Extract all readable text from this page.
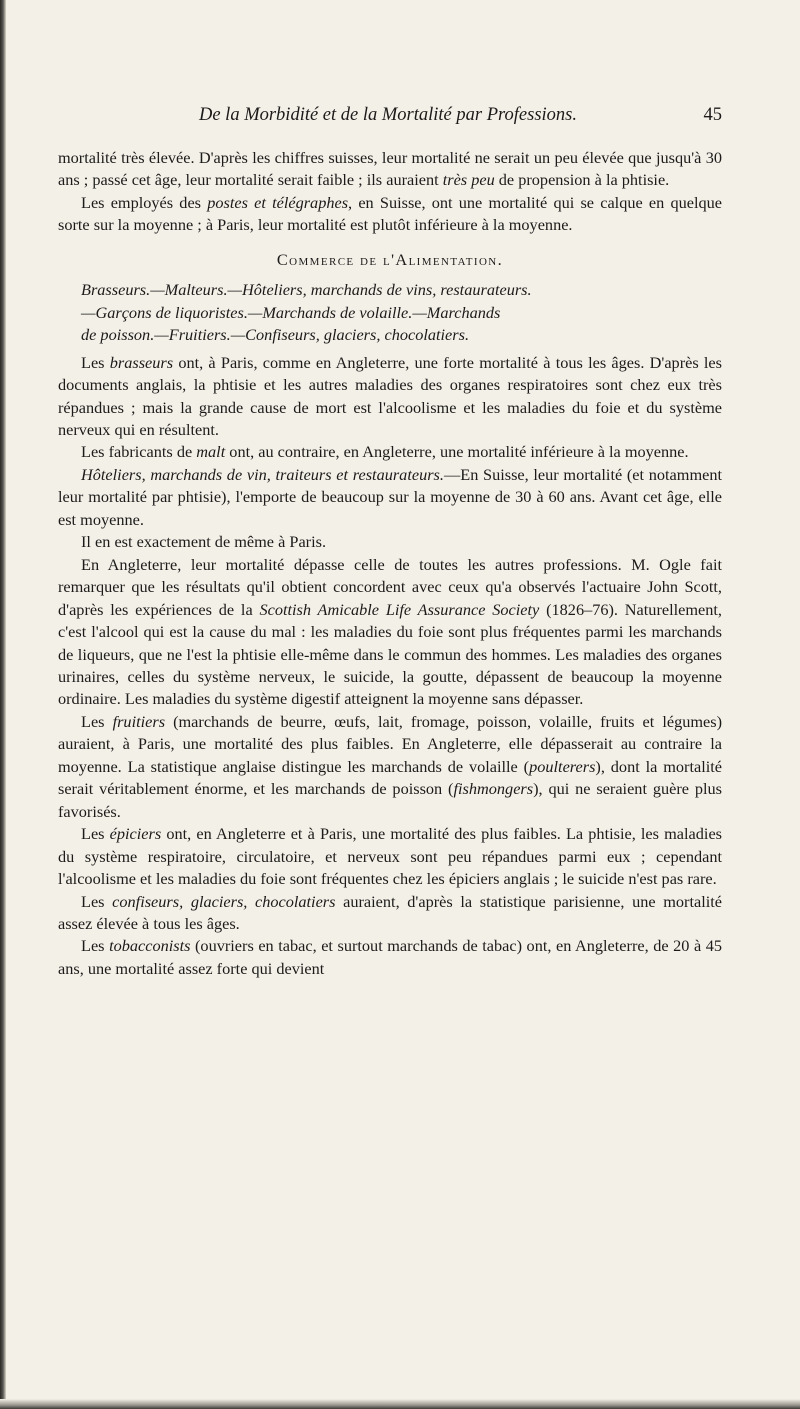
De la Morbidité et de la Mortalité par Professions.	45

mortalité très élevée. D'après les chiffres suisses, leur mortalité ne serait un peu élevée que jusqu'à 30 ans ; passé cet âge, leur mortalité serait faible ; ils auraient très peu de propension à la phtisie.

Les employés des postes et télégraphes, en Suisse, ont une mortalité qui se calque en quelque sorte sur la moyenne ; à Paris, leur mortalité est plutôt inférieure à la moyenne.

Commerce de l'Alimentation.

Brasseurs.—Malteurs.—Hôteliers, marchands de vins, restaurateurs.
—Garçons de liquoristes.—Marchands de volaille.—Marchands
de poisson.—Fruitiers.—Confiseurs, glaciers, chocolatiers.

Les brasseurs ont, à Paris, comme en Angleterre, une forte mortalité à tous les âges. D'après les documents anglais, la phtisie et les autres maladies des organes respiratoires sont chez eux très répandues ; mais la grande cause de mort est l'alcoolisme et les maladies du foie et du système nerveux qui en résultent.

Les fabricants de malt ont, au contraire, en Angleterre, une mortalité inférieure à la moyenne.

Hôteliers, marchands de vin, traiteurs et restaurateurs.—En Suisse, leur mortalité (et notamment leur mortalité par phtisie), l'emporte de beaucoup sur la moyenne de 30 à 60 ans. Avant cet âge, elle est moyenne.

Il en est exactement de même à Paris.

En Angleterre, leur mortalité dépasse celle de toutes les autres professions. M. Ogle fait remarquer que les résultats qu'il obtient concordent avec ceux qu'a observés l'actuaire John Scott, d'après les expériences de la Scottish Amicable Life Assurance Society (1826–76). Naturellement, c'est l'alcool qui est la cause du mal : les maladies du foie sont plus fréquentes parmi les marchands de liqueurs, que ne l'est la phtisie elle-même dans le commun des hommes. Les maladies des organes urinaires, celles du système nerveux, le suicide, la goutte, dépassent de beaucoup la moyenne ordinaire. Les maladies du système digestif atteignent la moyenne sans dépasser.

Les fruitiers (marchands de beurre, œufs, lait, fromage, poisson, volaille, fruits et légumes) auraient, à Paris, une mortalité des plus faibles. En Angleterre, elle dépasserait au contraire la moyenne. La statistique anglaise distingue les marchands de volaille (poulterers), dont la mortalité serait véritablement énorme, et les marchands de poisson (fishmongers), qui ne seraient guère plus favorisés.

Les épiciers ont, en Angleterre et à Paris, une mortalité des plus faibles. La phtisie, les maladies du système respiratoire, circulatoire, et nerveux sont peu répandues parmi eux ; cependant l'alcoolisme et les maladies du foie sont fréquentes chez les épiciers anglais ; le suicide n'est pas rare.

Les confiseurs, glaciers, chocolatiers auraient, d'après la statistique parisienne, une mortalité assez élevée à tous les âges.

Les tobacconists (ouvriers en tabac, et surtout marchands de tabac) ont, en Angleterre, de 20 à 45 ans, une mortalité assez forte qui devient
